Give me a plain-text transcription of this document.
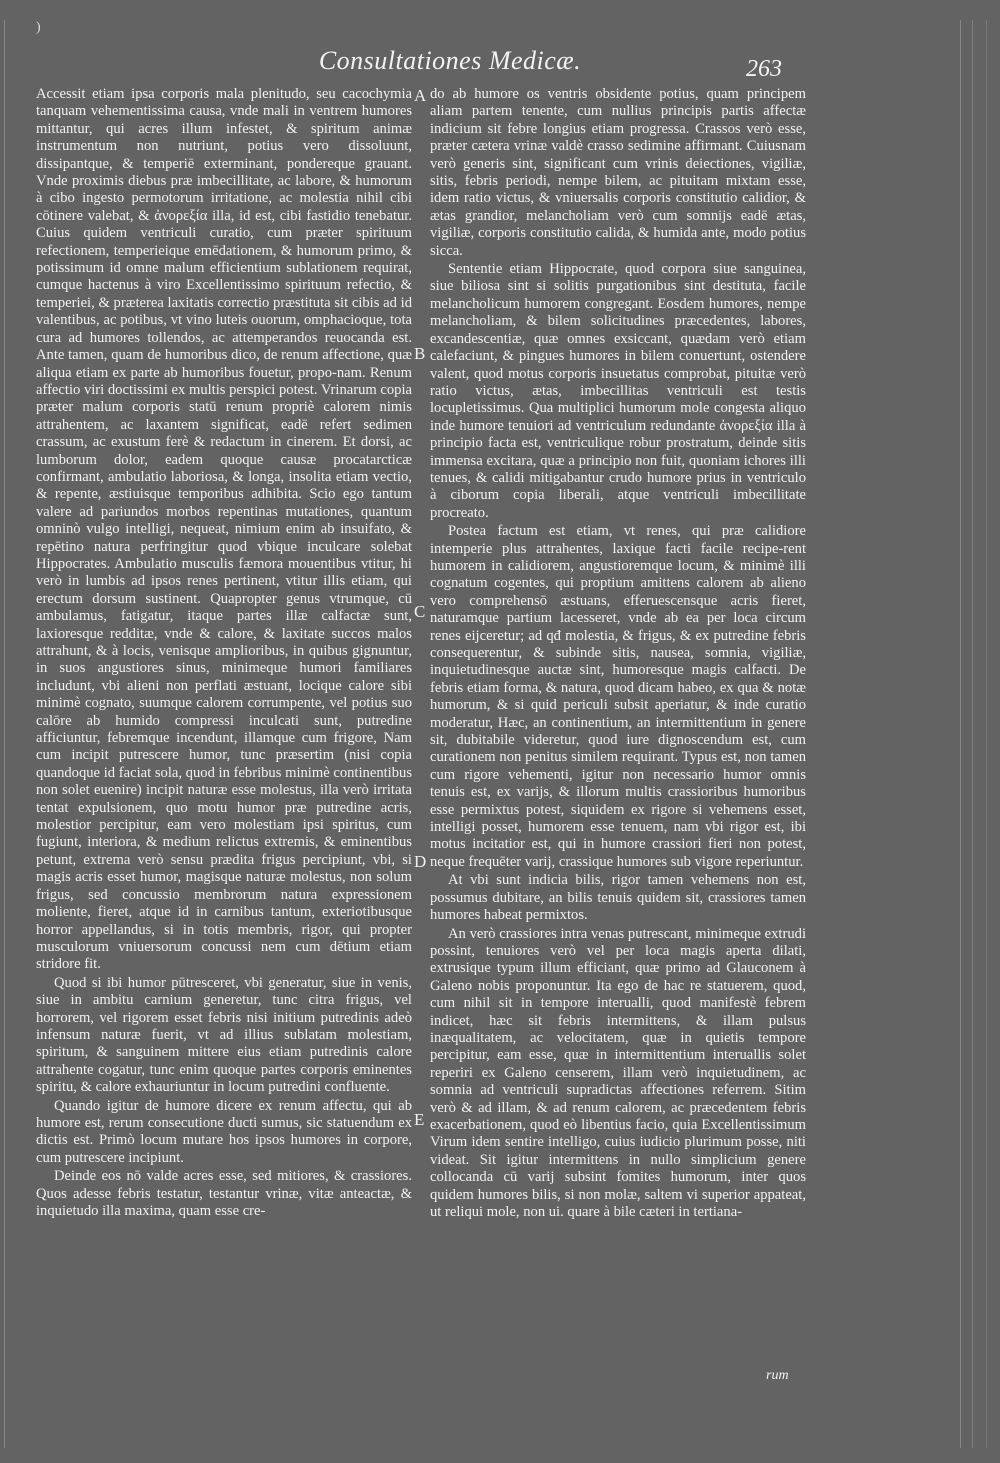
)
Consultationes Medicæ.	263

Accessit etiam ipsa corporis mala plenitudo, seu cacochymia tanquam vehementissima causa, vnde mali in ventrem humores mittantur, qui acres illum infestet, & spiritum animæ instrumentum non nutriunt, potius vero dissoluunt, dissipantque, & temperiē exterminant, pondereque grauant. Vnde proximis diebus præ imbecillitate, ac labore, & humorum à cibo ingesto permotorum irritatione, ac molestia nihil cibi cōtinere valebat, & ἀνορεξία illa, id est, cibi fastidio tenebatur. Cuius quidem ventriculi curatio, cum præter spirituum refectionem, temperieique emēdationem, & humorum primo, & potissimum id omne malum efficientium sublationem requirat, cumque hactenus à viro Excellentissimo spirituum refectio, & temperiei, & præterea laxitatis correctio præstituta sit cibis ad id valentibus, ac potibus, vt vino luteis ouorum, omphacioque, tota cura ad humores tollendos, ac attemperandos reuocanda est. Ante tamen, quam de humoribus dico, de renum affectione, quæ aliqua etiam ex parte ab humoribus fouetur, propo-nam. Renum affectio viri doctissimi ex multis perspici potest. Vrinarum copia præter malum corporis statū renum propriè calorem nimis attrahentem, ac laxantem significat, eadē refert sedimen crassum, ac exustum ferè & redactum in cinerem. Et dorsi, ac lumborum dolor, eadem quoque causæ procatarcticæ confirmant, ambulatio laboriosa, & longa, insolita etiam vectio, & repente, æstiuisque temporibus adhibita. Scio ego tantum valere ad pariundos morbos repentinas mutationes, quantum omninò vulgo intelligi, nequeat, nimium enim ab insuifato, & repētino natura perfringitur quod vbique inculcare solebat Hippocrates. Ambulatio musculis fæmora mouentibus vtitur, hi verò in lumbis ad ipsos renes pertinent, vtitur illis etiam, qui erectum dorsum sustinent. Quapropter genus vtrumque, cū ambulamus, fatigatur, itaque partes illæ calfactæ sunt, laxioresque redditæ, vnde & calore, & laxitate succos malos attrahunt, & à locis, venisque amplioribus, in quibus gignuntur, in suos angustiores sinus, minimeque humori familiares includunt, vbi alieni non perflati æstuant, locique calore sibi minimè cognato, suumque calorem corrumpente, vel potius suo calōre ab humido compressi inculcati sunt, putredine afficiuntur, febremque incendunt, illamque cum frigore, Nam cum incipit putrescere humor, tunc præsertim (nisi copia quandoque id faciat sola, quod in febribus minimè continentibus non solet euenire) incipit naturæ esse molestus, illa verò irritata tentat expulsionem, quo motu humor præ putredine acris, molestior percipitur, eam vero molestiam ipsi spiritus, cum fugiunt, interiora, & medium relictus extremis, & eminentibus petunt, extrema verò sensu prædita frigus percipiunt, vbi, si magis acris esset humor, magisque naturæ molestus, non solum frigus, sed concussio membrorum natura expressionem moliente, fieret, atque id in carnibus tantum, exteriotibusque horror appellandus, si in totis membris, rigor, qui propter musculorum vniuersorum concussi nem cum dētium etiam stridore fit.

Quod si ibi humor pūtresceret, vbi generatur, siue in venis, siue in ambitu carnium generetur, tunc citra frigus, vel horrorem, vel rigorem esset febris nisi initium putredinis adeò infensum naturæ fuerit, vt ad illius sublatam molestiam, spiritum, & sanguinem mittere eius etiam putredinis calore attrahente cogatur, tunc enim quoque partes corporis eminentes spiritu, & calore exhauriuntur in locum putredini confluente.

Quando igitur de humore dicere ex renum affectu, qui ab humore est, rerum consecutione ducti sumus, sic statuendum ex dictis est. Primò locum mutare hos ipsos humores in corpore, cum putrescere incipiunt.

Deinde eos nō valde acres esse, sed mitiores, & crassiores. Quos adesse febris testatur, testantur vrinæ, vitæ anteactæ, & inquietudo illa maxima, quam esse cre-

A
B
C
D
E

do ab humore os ventris obsidente potius, quam principem aliam partem tenente, cum nullius principis partis affectæ indicium sit febre longius etiam progressa. Crassos verò esse, præter cætera vrinæ valdè crasso sedimine affirmant. Cuiusnam verò generis sint, significant cum vrinis deiectiones, vigiliæ, sitis, febris periodi, nempe bilem, ac pituitam mixtam esse, idem ratio victus, & vniuersalis corporis constitutio calidior, & ætas grandior, melancholiam verò cum somnijs eadē ætas, vigiliæ, corporis constitutio calida, & humida ante, modo potius sicca.

Sententie etiam Hippocrate, quod corpora siue sanguinea, siue biliosa sint si solitis purgationibus sint destituta, facile melancholicum humorem congregant. Eosdem humores, nempe melancholiam, & bilem solicitudines præcedentes, labores, excandescentiæ, quæ omnes exsiccant, quædam verò etiam calefaciunt, & pingues humores in bilem conuertunt, ostendere valent, quod motus corporis insuetatus comprobat, pituitæ verò ratio victus, ætas, imbecillitas ventriculi est testis locupletissimus. Qua multiplici humorum mole congesta aliquo inde humore tenuiori ad ventriculum redundante ἀνορεξία illa à principio facta est, ventriculique robur prostratum, deinde sitis immensa excitara, quæ a principio non fuit, quoniam ichores illi tenues, & calidi mitigabantur crudo humore prius in ventriculo à ciborum copia liberali, atque ventriculi imbecillitate procreato.

Postea factum est etiam, vt renes, qui præ calidiore intemperie plus attrahentes, laxique facti facile recipe-rent humorem in calidiorem, angustioremque locum, & minimè illi cognatum cogentes, qui proptium amittens calorem ab alieno vero comprehensō æstuans, efferuescensque acris fieret, naturamque partium lacesseret, vnde ab ea per loca circum renes eijceretur; ad qđ molestia, & frigus, & ex putredine febris consequerentur, & subinde sitis, nausea, somnia, vigiliæ, inquietudinesque auctæ sint, humoresque magis calfacti. De febris etiam forma, & natura, quod dicam habeo, ex qua & notæ humorum, & si quid periculi subsit aperiatur, & inde curatio moderatur, Hæc, an continentium, an intermittentium in genere sit, dubitabile videretur, quod iure dignoscendum est, cum curationem non penitus similem requirant. Typus est, non tamen cum rigore vehementi, igitur non necessario humor omnis tenuis est, ex varijs, & illorum multis crassioribus humoribus esse permixtus potest, siquidem ex rigore si vehemens esset, intelligi posset, humorem esse tenuem, nam vbi rigor est, ibi motus incitatior est, qui in humore crassiori fieri non potest, neque frequēter varij, crassique humores sub vigore reperiuntur.

At vbi sunt indicia bilis, rigor tamen vehemens non est, possumus dubitare, an bilis tenuis quidem sit, crassiores tamen humores habeat permixtos.

An verò crassiores intra venas putrescant, minimeque extrudi possint, tenuiores verò vel per loca magis aperta dilati, extrusique typum illum efficiant, quæ primo ad Glauconem à Galeno nobis proponuntur. Ita ego de hac re statuerem, quod, cum nihil sit in tempore interualli, quod manifestè febrem indicet, hæc sit febris intermittens, & illam pulsus inæqualitatem, ac velocitatem, quæ in quietis tempore percipitur, eam esse, quæ in intermittentium interuallis solet reperiri ex Galeno censerem, illam verò inquietudinem, ac somnia ad ventriculi supradictas affectiones referrem. Sitim verò & ad illam, & ad renum calorem, ac præcedentem febris exacerbationem, quod eò libentius facio, quia Excellentissimum Virum idem sentire intelligo, cuius iudicio plurimum posse, niti videat. Sit igitur intermittens in nullo simplicium genere collocanda cū varij subsint fomites humorum, inter quos quidem humores bilis, si non molæ, saltem vi superior appateat, ut reliqui mole, non ui. quare à bile cæteri in tertiana-

rum
